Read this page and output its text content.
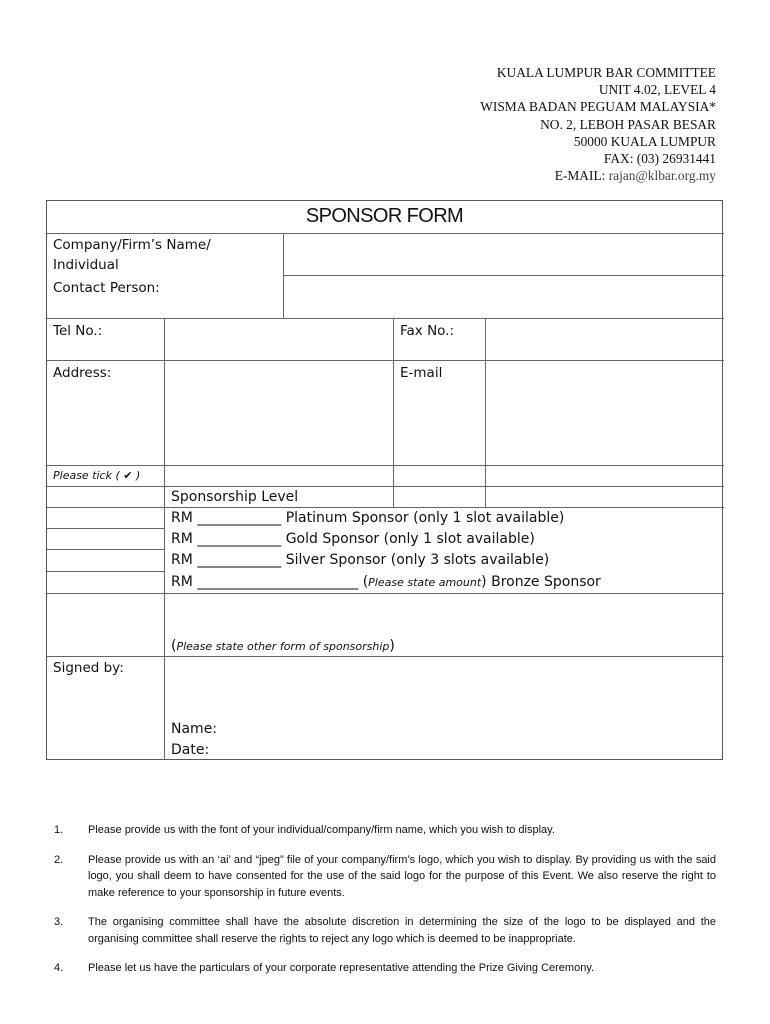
KUALA LUMPUR BAR COMMITTEE
UNIT 4.02, LEVEL 4
WISMA BADAN PEGUAM MALAYSIA*
NO. 2, LEBOH PASAR BESAR
50000 KUALA LUMPUR
FAX: (03) 26931441
E-MAIL: rajan@klbar.org.my
SPONSOR FORM
Company/Firm’s Name/
Individual
Contact Person:
Tel No.:	Fax No.:
Address:	E-mail
Please tick ( ✔ )
Sponsorship Level
RM ____________ Platinum Sponsor (only 1 slot available)
RM ____________ Gold Sponsor (only 1 slot available)
RM ____________ Silver Sponsor (only 3 slots available)
RM _______________________ (Please state amount) Bronze Sponsor
(Please state other form of sponsorship)
Signed by:
Name:
Date:
1.	Please provide us with the font of your individual/company/firm name, which you wish to display.
2.	Please provide us with an ‘ai’ and “jpeg” file of your company/firm’s logo, which you wish to display. By providing us with the said logo, you shall deem to have consented for the use of the said logo for the purpose of this Event. We also reserve the right to make reference to your sponsorship in future events.
3.	The organising committee shall have the absolute discretion in determining the size of the logo to be displayed and the organising committee shall reserve the rights to reject any logo which is deemed to be inappropriate.
4.	Please let us have the particulars of your corporate representative attending the Prize Giving Ceremony.
